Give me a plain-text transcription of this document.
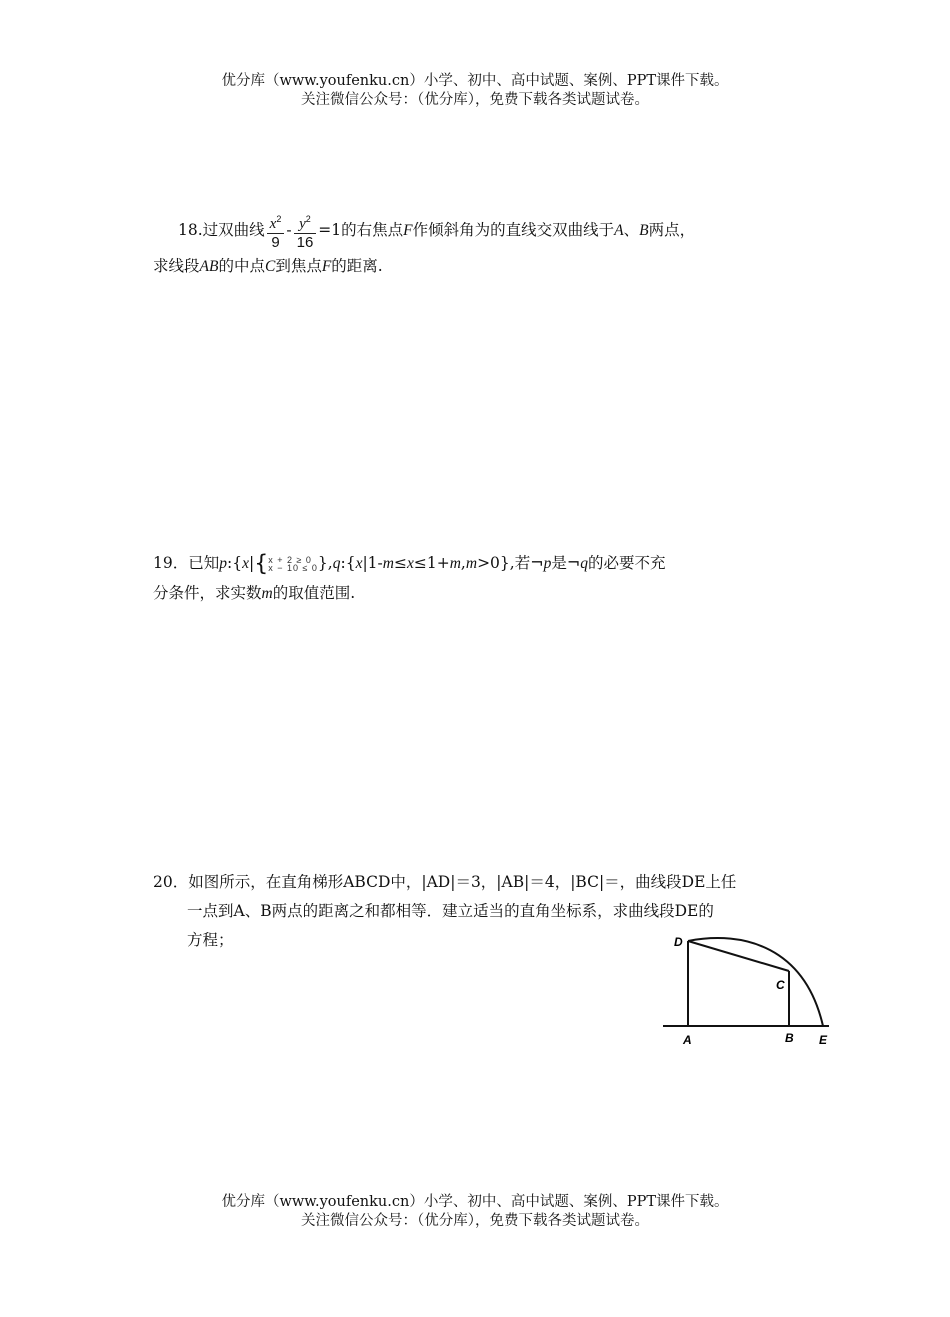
优分库（www.youfenku.cn）小学、初中、高中试题、案例、PPT课件下载。
关注微信公众号：（优分库），免费下载各类试题试卷。

18.过双曲线 $\frac{x^2}{9} - \frac{y^2}{16} =1$的右焦点F作倾斜角为的直线交双曲线于A、B两点，

求线段AB的中点C到焦点F的距离.

19．已知p:{x|{ x + 2 ≥ 0
x − 10 ≤ 0 },q:{x|1-m≤x≤1+m,m>0},若¬p是¬q的必要不充

分条件，求实数m的取值范围.

20．如图所示，在直角梯形ABCD中，|AD|＝3，|AB|＝4，|BC|＝，曲线段DE上任

一点到A、B两点的距离之和都相等．建立适当的直角坐标系，求曲线段DE的

方程；	D
C
A	B E
优分库（www.youfenku.cn）小学、初中、高中试题、案例、PPT课件下载。
关注微信公众号：（优分库），免费下载各类试题试卷。
